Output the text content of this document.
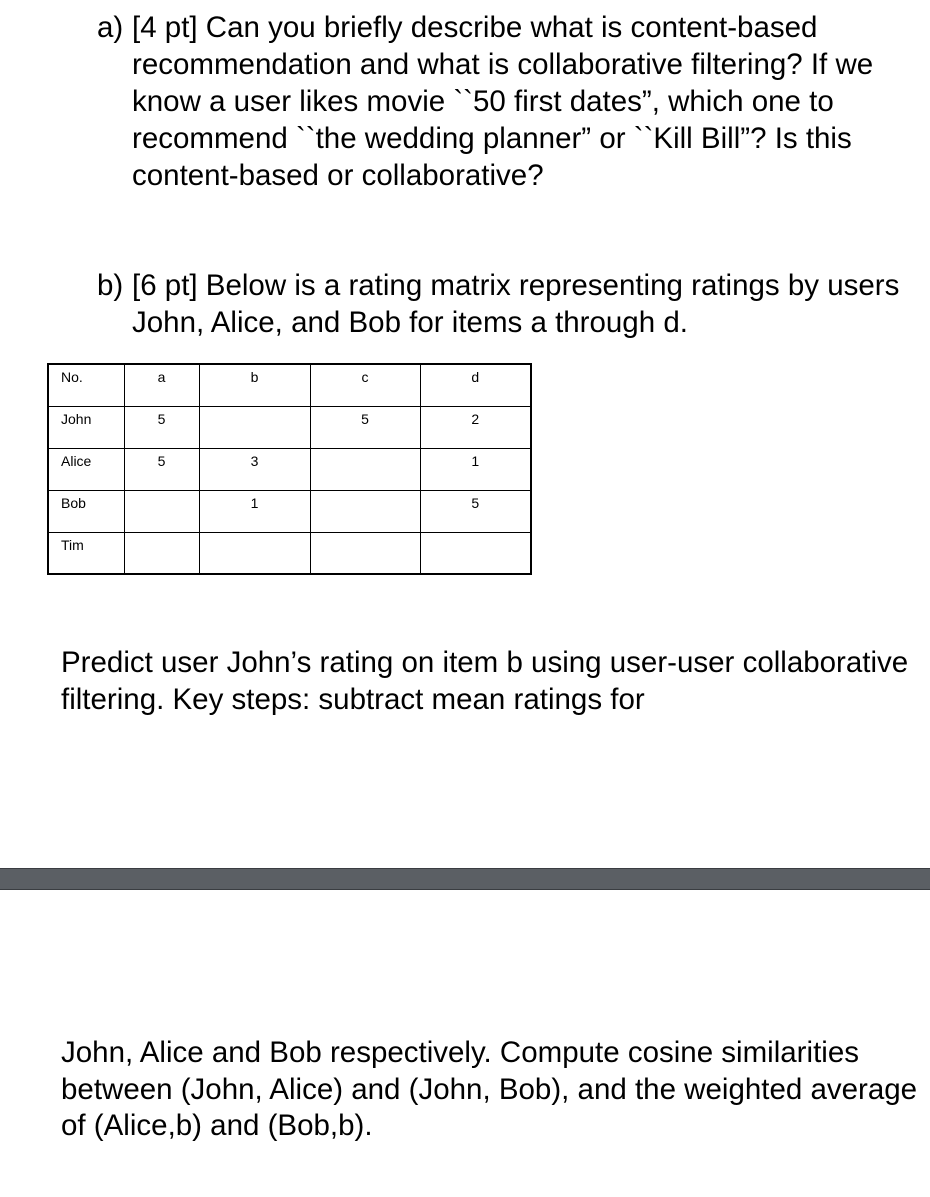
a) [4 pt] Can you briefly describe what is content-based recommendation and what is collaborative filtering? If we know a user likes movie ``50 first dates”, which one to recommend ``the wedding planner” or ``Kill Bill”? Is this content-based or collaborative?
b) [6 pt] Below is a rating matrix representing ratings by users John, Alice, and Bob for items a through d.
No.	a	b	c	d

John	5		5	2

Alice	5	3		1

Bob		1		5

Tim				

Predict user John’s rating on item b using user-user collaborative filtering. Key steps: subtract mean ratings for
John, Alice and Bob respectively. Compute cosine similarities between (John, Alice) and (John, Bob), and the weighted average of (Alice,b) and (Bob,b).
